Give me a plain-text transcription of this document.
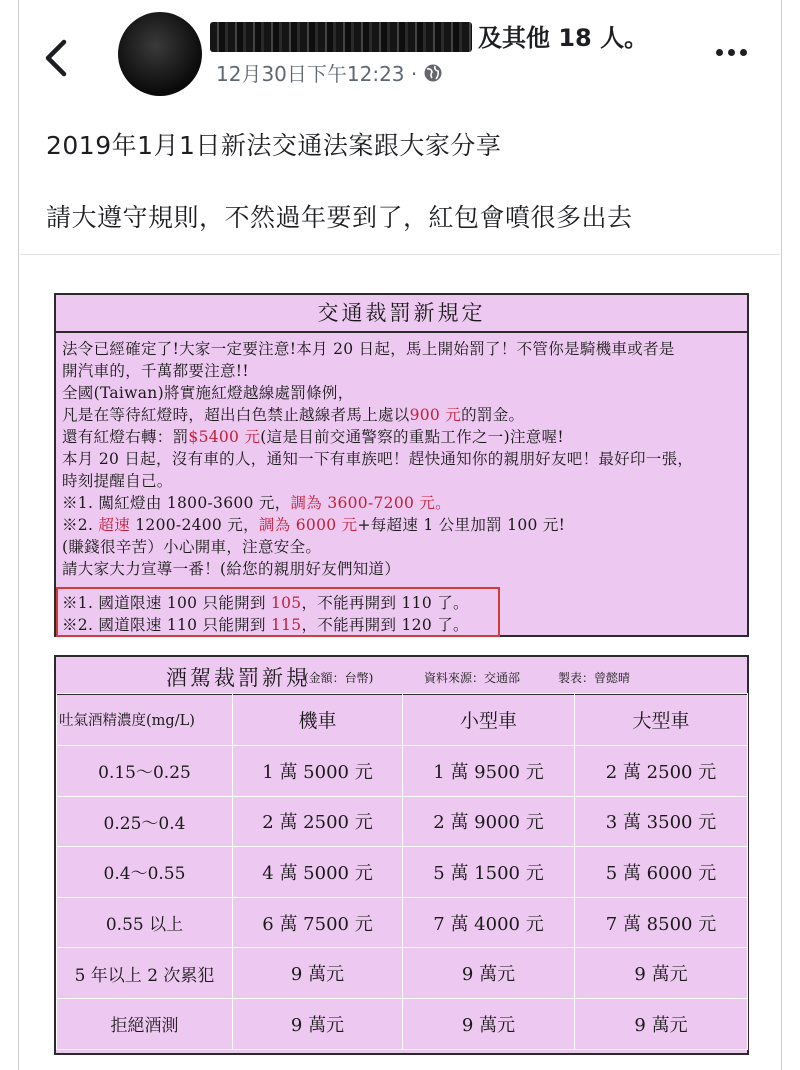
及其他 18 人。
12月30日下午12:23 ·
2019年1月1日新法交通法案跟大家分享
請大遵守規則，不然過年要到了，紅包會噴很多出去
交通裁罰新規定
法令已經確定了!大家一定要注意!本月 20 日起，馬上開始罰了！不管你是騎機車或者是
開汽車的，千萬都要注意!!
全國(Taiwan)將實施紅燈越線處罰條例，
凡是在等待紅燈時，超出白色禁止越線者馬上處以900 元的罰金。
還有紅燈右轉：罰$5400 元(這是目前交通警察的重點工作之一)注意喔!
本月 20 日起，沒有車的人，通知一下有車族吧！趕快通知你的親朋好友吧！最好印一張，
時刻提醒自己。
※1. 闖紅燈由 1800-3600 元，調為 3600-7200 元。
※2. 超速 1200-2400 元，調為 6000 元+每超速 1 公里加罰 100 元!
(賺錢很辛苦）小心開車，注意安全。
請大家大力宣導一番！(給您的親朋好友們知道）
※1. 國道限速 100 只能開到 105，不能再開到 110 了。
※2. 國道限速 110 只能開到 115，不能再開到 120 了。
酒駕裁罰新規
(金額：台幣)	資料來源：交通部	製表：曾懿晴
吐氣酒精濃度(mg/L)	機車	小型車	大型車
0.15～0.25	1 萬 5000 元	1 萬 9500 元	2 萬 2500 元
0.25～0.4	2 萬 2500 元	2 萬 9000 元	3 萬 3500 元
0.4～0.55	4 萬 5000 元	5 萬 1500 元	5 萬 6000 元
0.55 以上	6 萬 7500 元	7 萬 4000 元	7 萬 8500 元
5 年以上 2 次累犯	9 萬元	9 萬元	9 萬元
拒絕酒測	9 萬元	9 萬元	9 萬元
